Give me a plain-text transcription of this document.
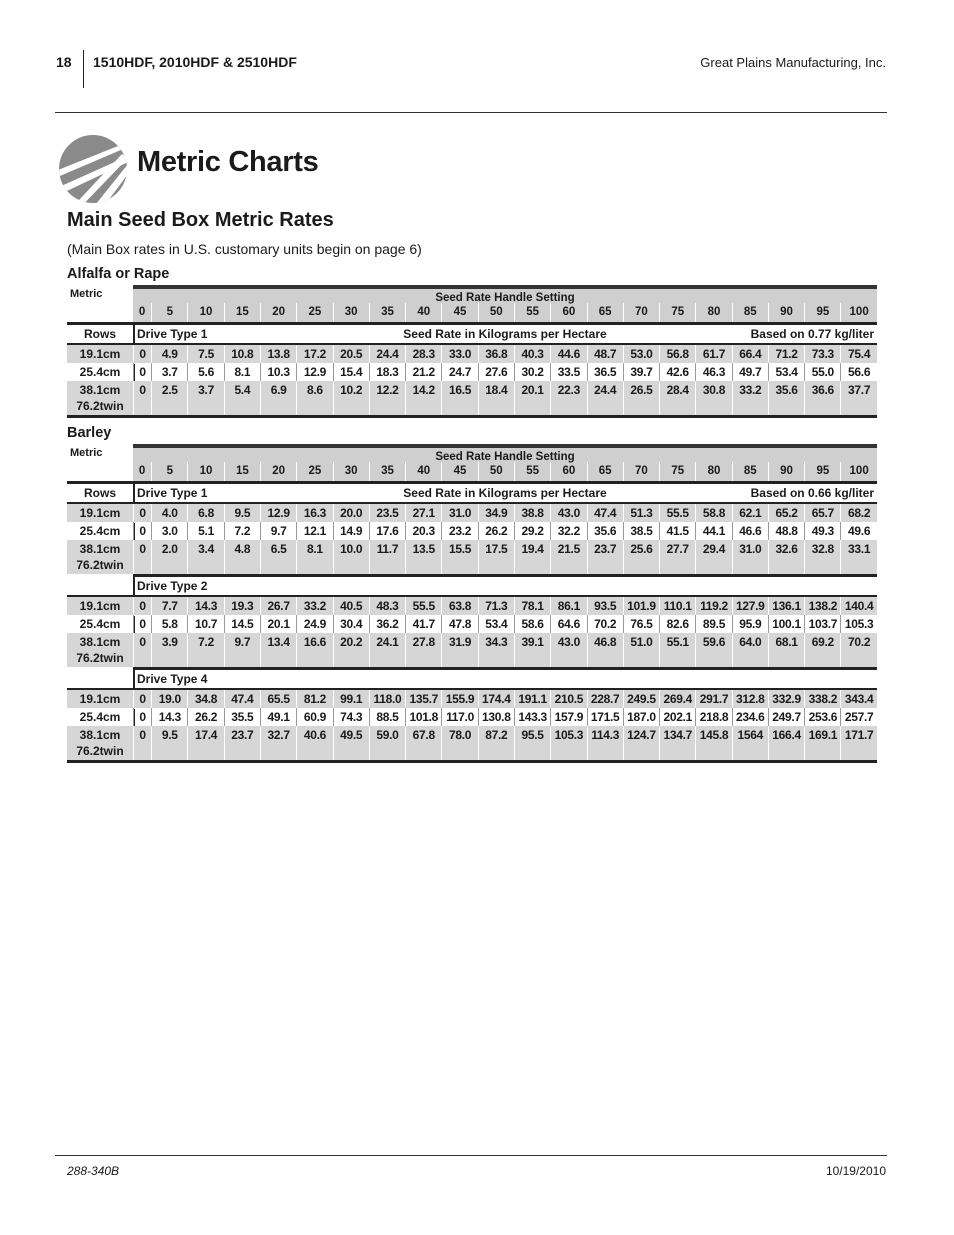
18 1510HDF, 2010HDF & 2510HDF	Great Plains Manufacturing, Inc.
Metric Charts
Main Seed Box Metric Rates
(Main Box rates in U.S. customary units begin on page 6)
Alfalfa or Rape
Metric	Seed Rate Handle Setting
0	5	10	15	20	25	30	35	40	45	50	55	60	65	70	75	80	85	90	95	100
Rows	Seed Rate in Kilograms per Hectare	Based on 0.77 kg/liter
Drive Type 1
19.1cm	0	4.9	7.5	10.8	13.8	17.2	20.5	24.4	28.3	33.0	36.8	40.3	44.6	48.7	53.0	56.8	61.7	66.4	71.2	73.3	75.4
25.4cm	0	3.7	5.6	8.1	10.3	12.9	15.4	18.3	21.2	24.7	27.6	30.2	33.5	36.5	39.7	42.6	46.3	49.7	53.4	55.0	56.6
38.1cm
76.2twin
0	2.5	3.7	5.4	6.9	8.6	10.2	12.2	14.2	16.5	18.4	20.1	22.3	24.4	26.5	28.4	30.8	33.2	35.6	36.6	37.7
Barley
Metric	Seed Rate Handle Setting
0	5	10	15	20	25	30	35	40	45	50	55	60	65	70	75	80	85	90	95	100
Rows	Seed Rate in Kilograms per Hectare	Based on 0.66 kg/liter
Drive Type 1
19.1cm	0	4.0	6.8	9.5	12.9	16.3	20.0	23.5	27.1	31.0	34.9	38.8	43.0	47.4	51.3	55.5	58.8	62.1	65.2	65.7	68.2
25.4cm	0	3.0	5.1	7.2	9.7	12.1	14.9	17.6	20.3	23.2	26.2	29.2	32.2	35.6	38.5	41.5	44.1	46.6	48.8	49.3	49.6
38.1cm
76.2twin
0	2.0	3.4	4.8	6.5	8.1	10.0	11.7	13.5	15.5	17.5	19.4	21.5	23.7	25.6	27.7	29.4	31.0	32.6	32.8	33.1
Drive Type 2
19.1cm	0	7.7	14.3	19.3	26.7	33.2	40.5	48.3	55.5	63.8	71.3	78.1	86.1	93.5 101.9 110.1 119.2 127.9 136.1 138.2 140.4
25.4cm	0	5.8	10.7	14.5	20.1	24.9	30.4	36.2	41.7	47.8	53.4	58.6	64.6	70.2	76.5	82.6	89.5	95.9 100.1 103.7 105.3
38.1cm
76.2twin
0	3.9	7.2	9.7	13.4	16.6	20.2	24.1	27.8	31.9	34.3	39.1	43.0	46.8	51.0	55.1	59.6	64.0	68.1	69.2	70.2
Drive Type 4
19.1cm	0	19.0	34.8	47.4	65.5	81.2	99.1 118.0 135.7 155.9 174.4 191.1 210.5 228.7 249.5 269.4 291.7 312.8 332.9 338.2 343.4
25.4cm	0	14.3	26.2	35.5	49.1	60.9	74.3	88.5 101.8 117.0 130.8 143.3 157.9 171.5 187.0 202.1 218.8 234.6 249.7 253.6 257.7
38.1cm
76.2twin
0	9.5	17.4	23.7	32.7	40.6	49.5	59.0	67.8	78.0	87.2	95.5 105.3 114.3 124.7 134.7 145.8 1564 166.4 169.1 171.7
288-340B	10/19/2010
